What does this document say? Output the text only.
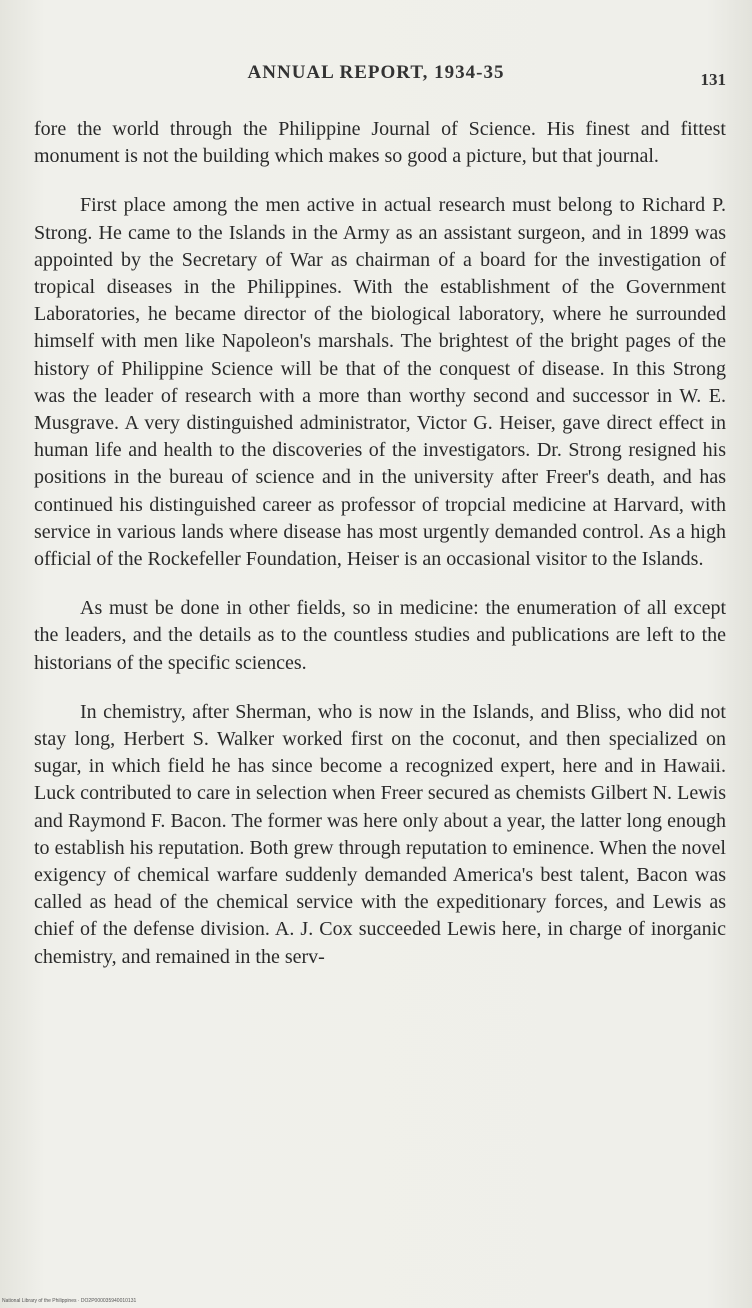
ANNUAL REPORT, 1934-35	131

fore the world through the Philippine Journal of Science. His finest and fittest monument is not the building which makes so good a picture, but that journal.

First place among the men active in actual research must belong to Richard P. Strong. He came to the Islands in the Army as an assistant surgeon, and in 1899 was appointed by the Secretary of War as chairman of a board for the investigation of tropical diseases in the Philippines. With the establishment of the Government Laboratories, he became director of the biological laboratory, where he surrounded himself with men like Napoleon's marshals. The brightest of the bright pages of the history of Philippine Science will be that of the conquest of disease. In this Strong was the leader of research with a more than worthy second and successor in W. E. Musgrave. A very distinguished administrator, Victor G. Heiser, gave direct effect in human life and health to the discoveries of the investigators. Dr. Strong resigned his positions in the bureau of science and in the university after Freer's death, and has continued his distinguished career as professor of tropcial medicine at Harvard, with service in various lands where disease has most urgently demanded control. As a high official of the Rockefeller Foundation, Heiser is an occasional visitor to the Islands.

As must be done in other fields, so in medicine: the enumeration of all except the leaders, and the details as to the countless studies and publications are left to the historians of the specific sciences.

In chemistry, after Sherman, who is now in the Islands, and Bliss, who did not stay long, Herbert S. Walker worked first on the coconut, and then specialized on sugar, in which field he has since become a recognized expert, here and in Hawaii. Luck contributed to care in selection when Freer secured as chemists Gilbert N. Lewis and Raymond F. Bacon. The former was here only about a year, the latter long enough to establish his reputation. Both grew through reputation to eminence. When the novel exigency of chemical warfare suddenly demanded America's best talent, Bacon was called as head of the chemical service with the expeditionary forces, and Lewis as chief of the defense division. A. J. Cox succeeded Lewis here, in charge of inorganic chemistry, and remained in the serv-

National Library of the Philippines · DO2P000035940010131
